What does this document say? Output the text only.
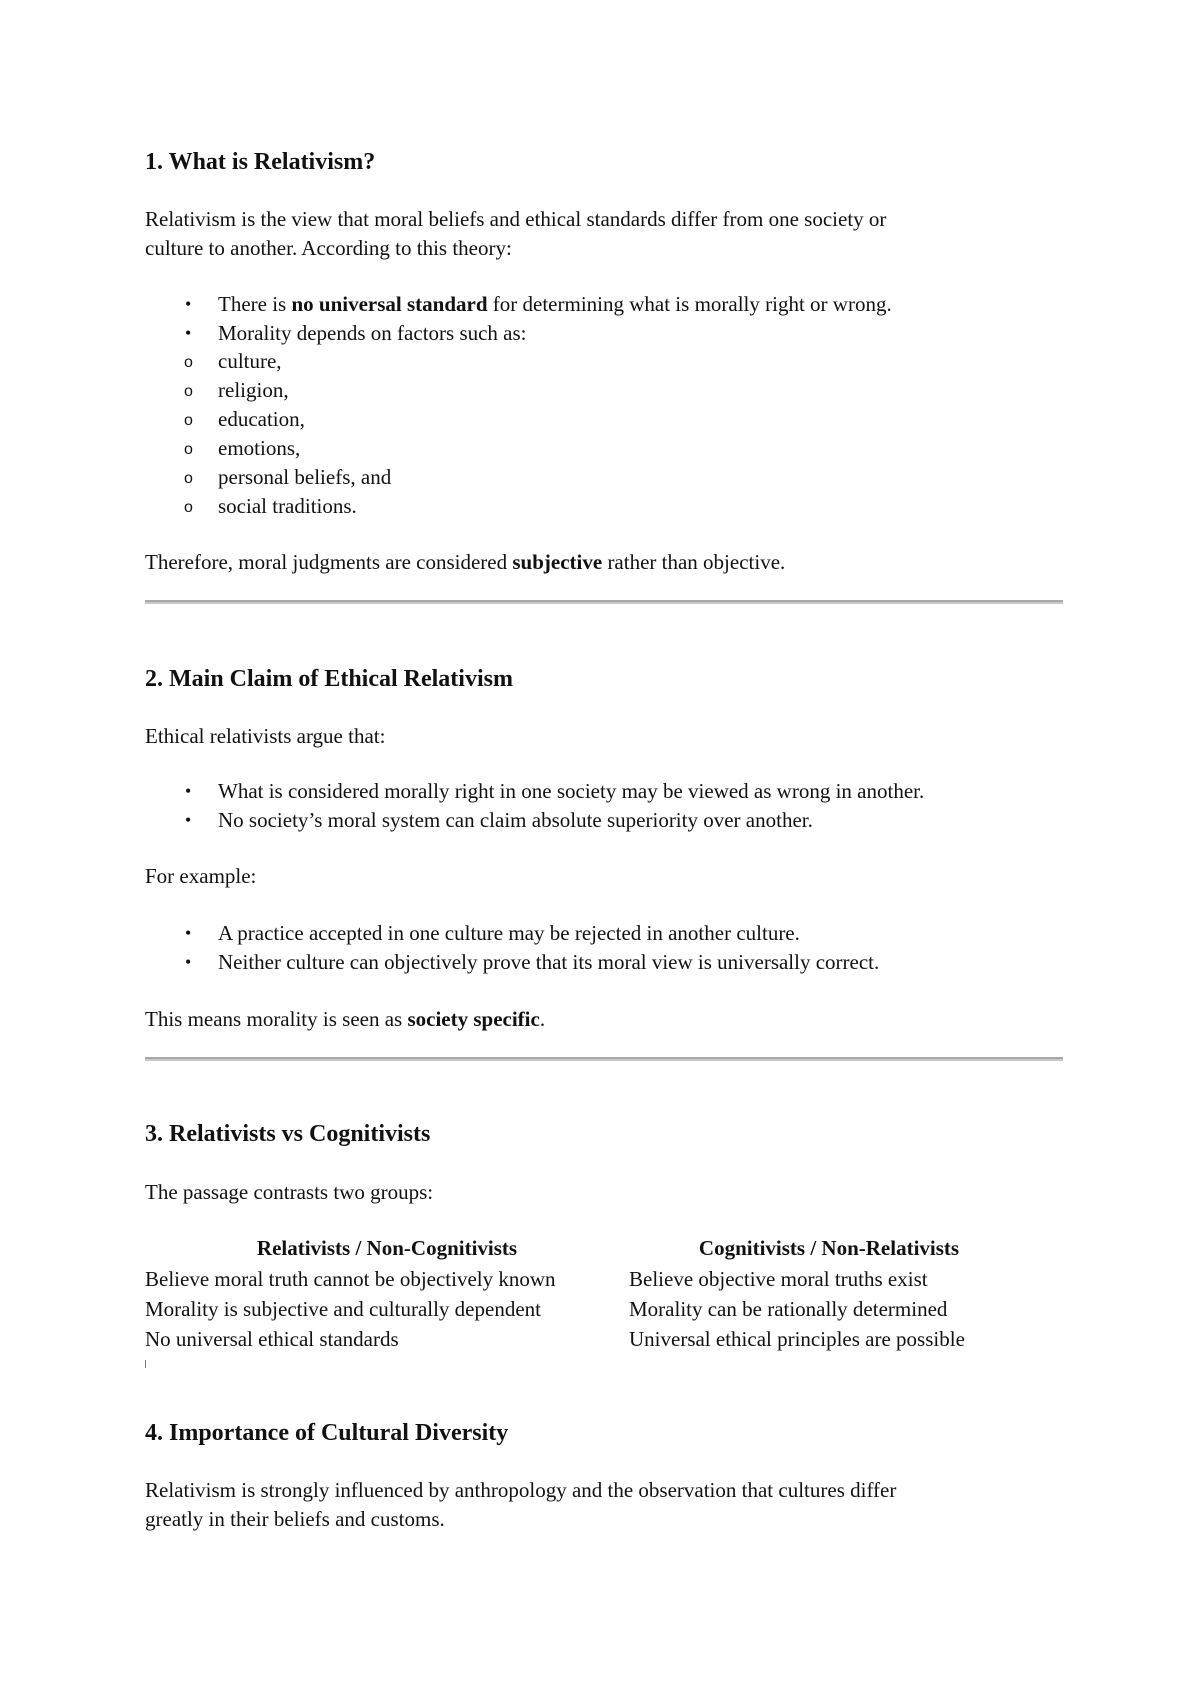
1. What is Relativism?

Relativism is the view that moral beliefs and ethical standards differ from one society or

culture to another. According to this theory:

• There is no universal standard for determining what is morally right or wrong.
• Morality depends on factors such as:
o culture,
o religion,
o education,
o emotions,
o personal beliefs, and
o social traditions.

Therefore, moral judgments are considered subjective rather than objective.

2. Main Claim of Ethical Relativism

Ethical relativists argue that:

• What is considered morally right in one society may be viewed as wrong in another.
• No society’s moral system can claim absolute superiority over another.

For example:

• A practice accepted in one culture may be rejected in another culture.
• Neither culture can objectively prove that its moral view is universally correct.

This means morality is seen as society specific.

3. Relativists vs Cognitivists

The passage contrasts two groups:

Relativists / Non-Cognitivists	Cognitivists / Non-Relativists
Believe moral truth cannot be objectively known	Believe objective moral truths exist
Morality is subjective and culturally dependent	Morality can be rationally determined
No universal ethical standards	Universal ethical principles are possible
4. Importance of Cultural Diversity

Relativism is strongly influenced by anthropology and the observation that cultures differ

greatly in their beliefs and customs.
